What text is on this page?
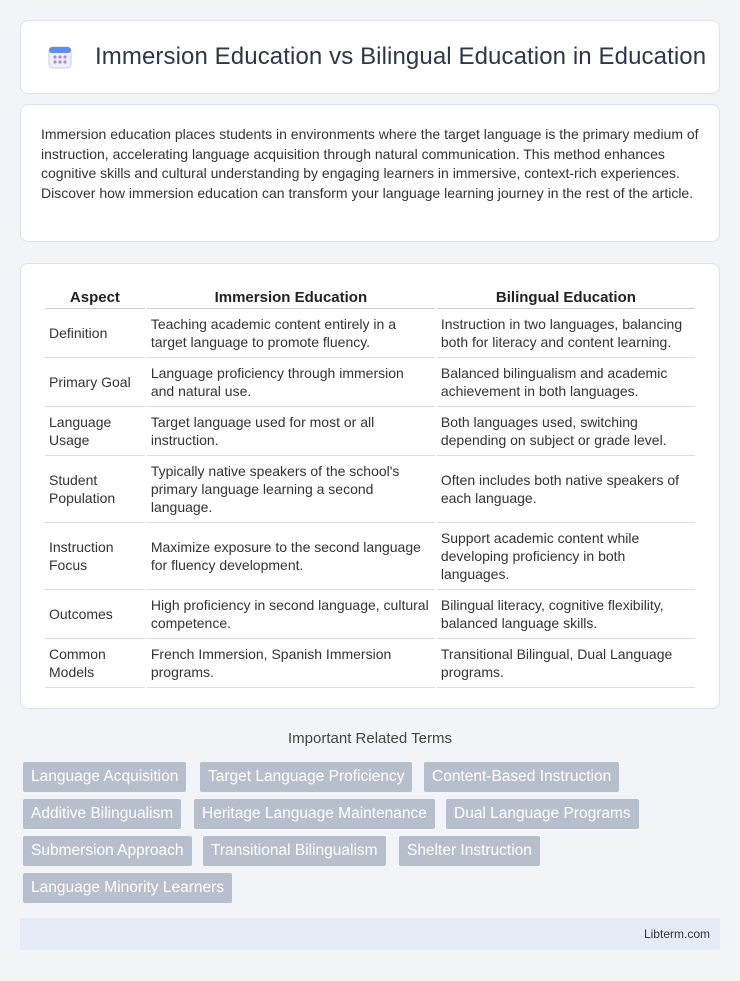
Immersion Education vs Bilingual Education in Education

Immersion education places students in environments where the target language is the primary medium of instruction, accelerating language acquisition through natural communication. This method enhances cognitive skills and cultural understanding by engaging learners in immersive, context-rich experiences. Discover how immersion education can transform your language learning journey in the rest of the article.

Aspect	Immersion Education	Bilingual Education
Definition	Teaching academic content entirely in a target language to promote fluency.	Instruction in two languages, balancing both for literacy and content learning.
Primary Goal	Language proficiency through immersion and natural use.	Balanced bilingualism and academic achievement in both languages.
Language Usage	Target language used for most or all instruction.	Both languages used, switching depending on subject or grade level.
Student Population	Typically native speakers of the school's primary language learning a second language.	Often includes both native speakers of each language.
Instruction Focus	Maximize exposure to the second language for fluency development.	Support academic content while developing proficiency in both languages.
Outcomes	High proficiency in second language, cultural competence.	Bilingual literacy, cognitive flexibility, balanced language skills.
Common Models	French Immersion, Spanish Immersion programs.	Transitional Bilingual, Dual Language programs.
Important Related Terms
Language Acquisition	Target Language Proficiency	Content-Based Instruction
Additive Bilingualism	Heritage Language Maintenance	Dual Language Programs
Submersion Approach	Transitional Bilingualism	Shelter Instruction
Language Minority Learners
Libterm.com
